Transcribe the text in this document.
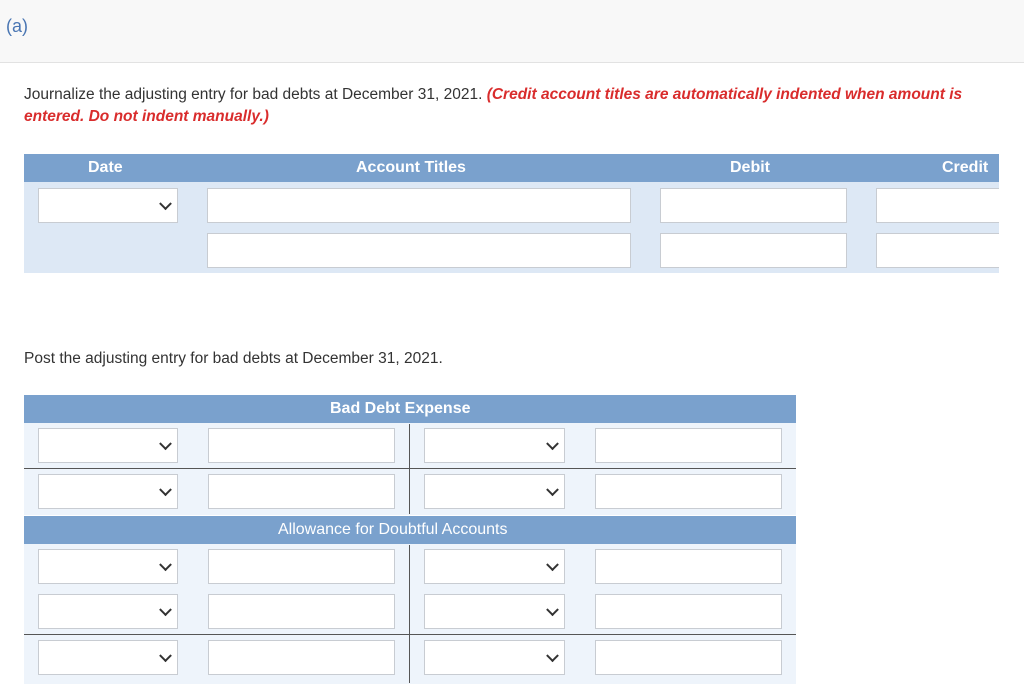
(a)
Journalize the adjusting entry for bad debts at December 31, 2021. (Credit account titles are automatically indented when amount is entered. Do not indent manually.)
Date	Account Titles	Debit	Credit
Post the adjusting entry for bad debts at December 31, 2021.
Bad Debt Expense
Allowance for Doubtful Accounts
